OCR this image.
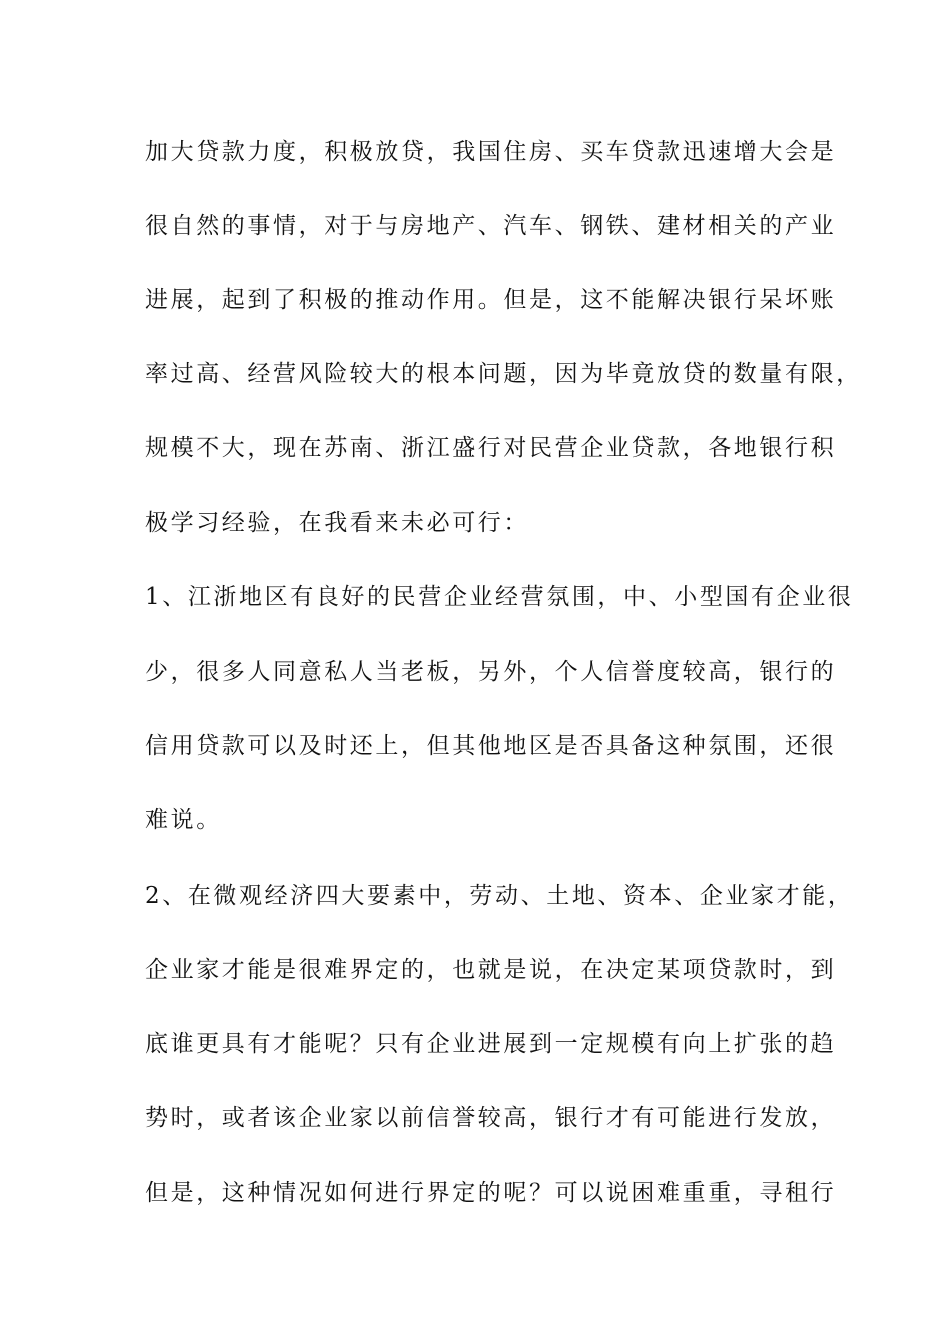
加大贷款力度，积极放贷，我国住房、买车贷款迅速增大会是
很自然的事情，对于与房地产、汽车、钢铁、建材相关的产业
进展，起到了积极的推动作用。但是，这不能解决银行呆坏账
率过高、经营风险较大的根本问题，因为毕竟放贷的数量有限，
规模不大，现在苏南、浙江盛行对民营企业贷款，各地银行积
极学习经验，在我看来未必可行：
1、江浙地区有良好的民营企业经营氛围，中、小型国有企业很
少，很多人同意私人当老板，另外，个人信誉度较高，银行的
信用贷款可以及时还上，但其他地区是否具备这种氛围，还很
难说。
2、在微观经济四大要素中，劳动、土地、资本、企业家才能，
企业家才能是很难界定的，也就是说，在决定某项贷款时，到
底谁更具有才能呢？只有企业进展到一定规模有向上扩张的趋
势时，或者该企业家以前信誉较高，银行才有可能进行发放，
但是，这种情况如何进行界定的呢？可以说困难重重，寻租行
